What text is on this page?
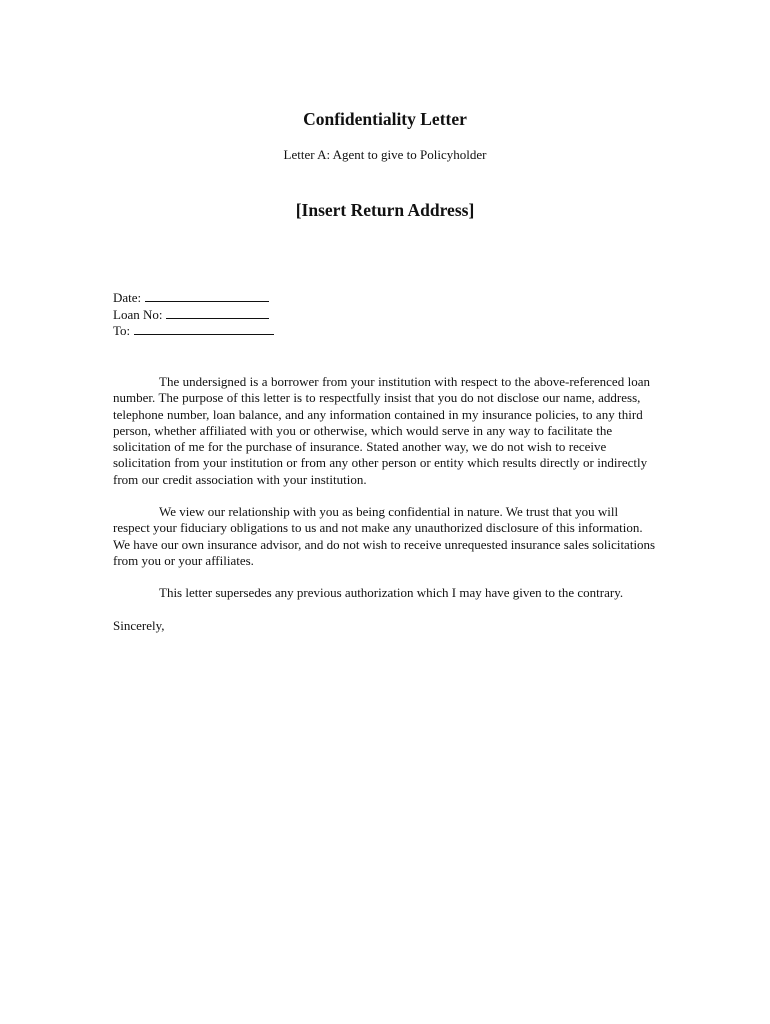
Confidentiality Letter

Letter A: Agent to give to Policyholder

[Insert Return Address]
Date:
Loan No:
To:

The undersigned is a borrower from your institution with respect to the above-referenced loan number. The purpose of this letter is to respectfully insist that you do not disclose our name, address, telephone number, loan balance, and any information contained in my insurance policies, to any third person, whether affiliated with you or otherwise, which would serve in any way to facilitate the solicitation of me for the purchase of insurance. Stated another way, we do not wish to receive solicitation from your institution or from any other person or entity which results directly or indirectly from our credit association with your institution.

We view our relationship with you as being confidential in nature. We trust that you will respect your fiduciary obligations to us and not make any unauthorized disclosure of this information. We have our own insurance advisor, and do not wish to receive unrequested insurance sales solicitations from you or your affiliates.

This letter supersedes any previous authorization which I may have given to the contrary.

Sincerely,
